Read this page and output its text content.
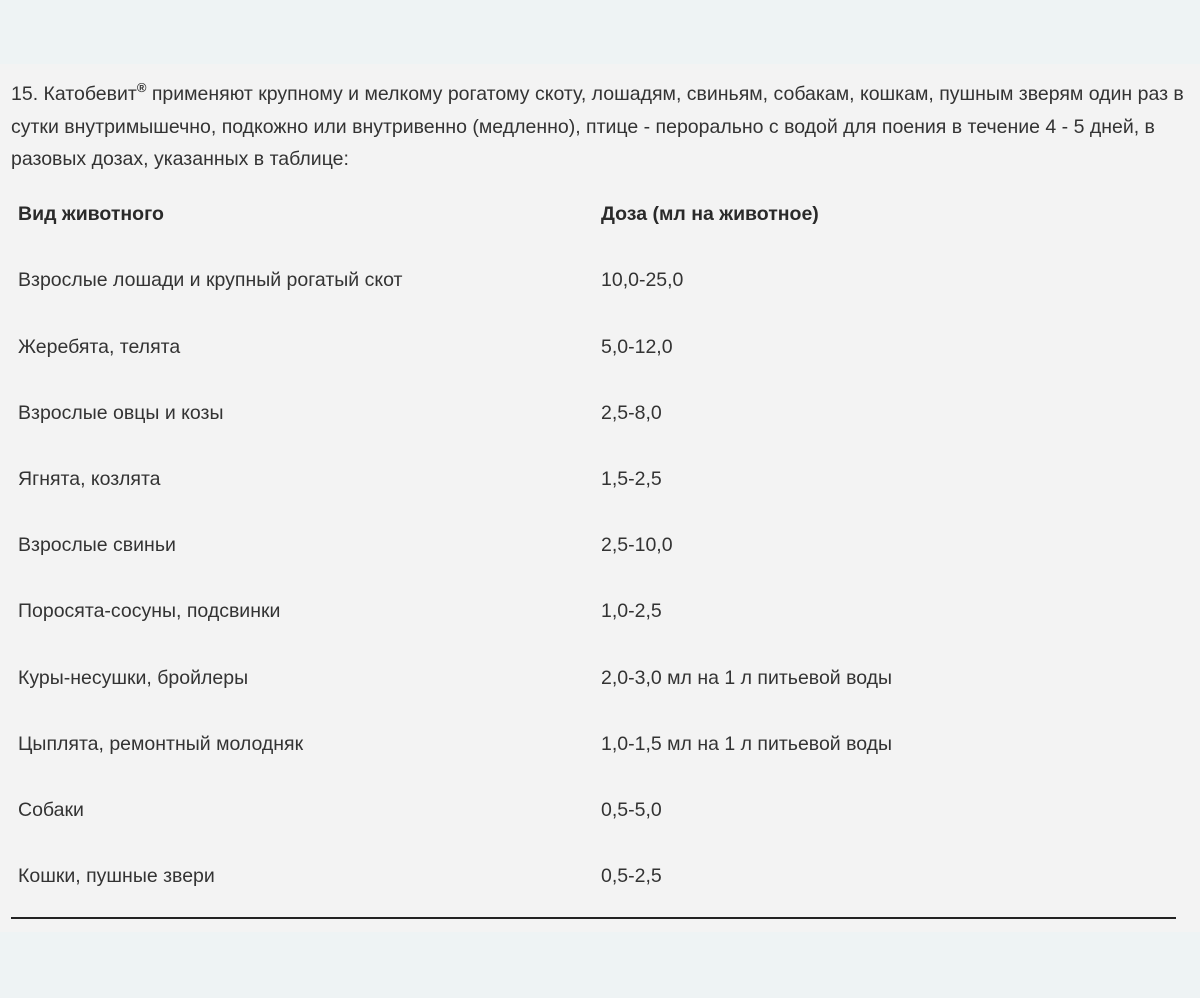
15. Катобевит® применяют крупному и мелкому рогатому скоту, лошадям, свиньям, собакам, кошкам, пушным зверям один раз в сутки внутримышечно, подкожно или внутривенно (медленно), птице - перорально с водой для поения в течение 4 - 5 дней, в разовых дозах, указанных в таблице:

Вид животного	Доза (мл на животное)
Взрослые лошади и крупный рогатый скот	10,0-25,0
Жеребята, телята	5,0-12,0
Взрослые овцы и козы	2,5-8,0
Ягнята, козлята	1,5-2,5
Взрослые свиньи	2,5-10,0
Поросята-сосуны, подсвинки	1,0-2,5
Куры-несушки, бройлеры	2,0-3,0 мл на 1 л питьевой воды
Цыплята, ремонтный молодняк	1,0-1,5 мл на 1 л питьевой воды
Собаки	0,5-5,0
Кошки, пушные звери	0,5-2,5
